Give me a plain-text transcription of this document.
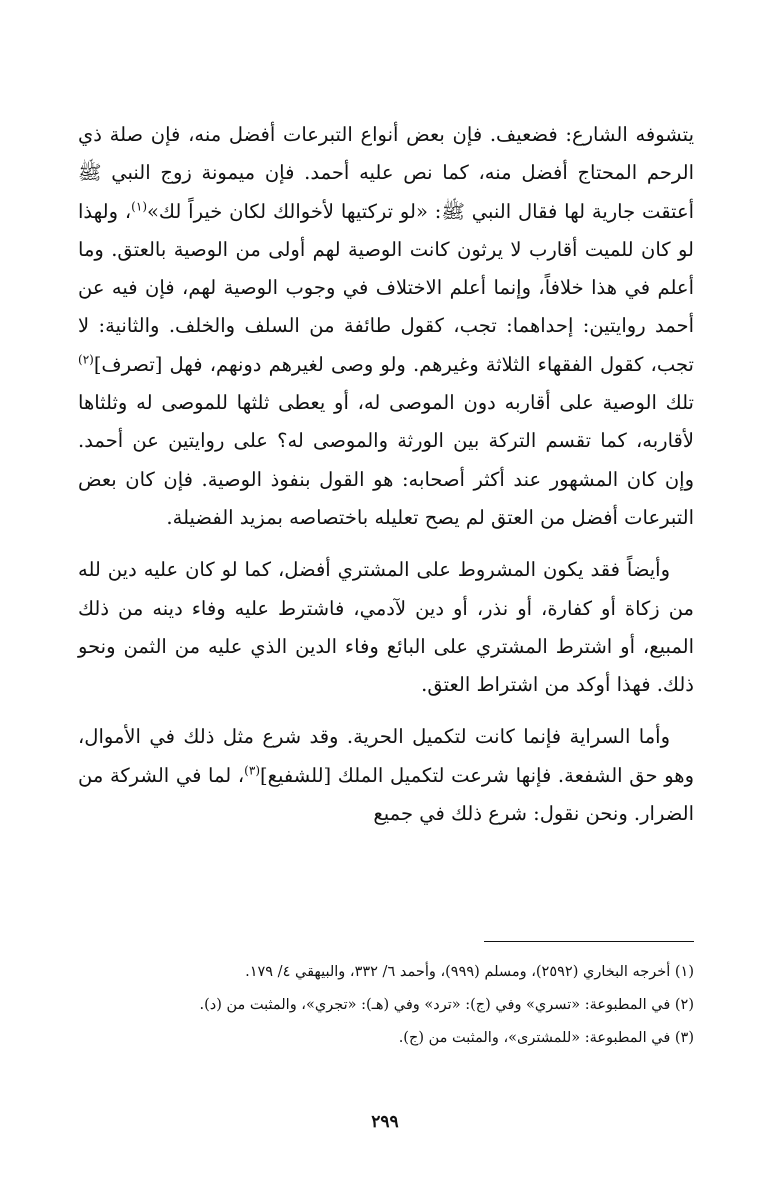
يتشوفه الشارع: فضعيف. فإن بعض أنواع التبرعات أفضل منه، فإن صلة ذي الرحم المحتاج أفضل منه، كما نص عليه أحمد. فإن ميمونة زوج النبي ﷺ أعتقت جارية لها فقال النبي ﷺ: «لو تركتيها لأخوالك لكان خيراً لك»$^{(١)}$، ولهذا لو كان للميت أقارب لا يرثون كانت الوصية لهم أولى من الوصية بالعتق. وما أعلم في هذا خلافاً، وإنما أعلم الاختلاف في وجوب الوصية لهم، فإن فيه عن أحمد روايتين: إحداهما: تجب، كقول طائفة من السلف والخلف. والثانية: لا تجب، كقول الفقهاء الثلاثة وغيرهم. ولو وصى لغيرهم دونهم، فهل [تصرف]$^{(٢)}$ تلك الوصية على أقاربه دون الموصى له، أو يعطى ثلثها للموصى له وثلثاها لأقاربه، كما تقسم التركة بين الورثة والموصى له؟ على روايتين عن أحمد. وإن كان المشهور عند أكثر أصحابه: هو القول بنفوذ الوصية. فإن كان بعض التبرعات أفضل من العتق لم يصح تعليله باختصاصه بمزيد الفضيلة.

وأيضاً فقد يكون المشروط على المشتري أفضل، كما لو كان عليه دين لله من زكاة أو كفارة، أو نذر، أو دين لآدمي، فاشترط عليه وفاء دينه من ذلك المبيع، أو اشترط المشتري على البائع وفاء الدين الذي عليه من الثمن ونحو ذلك. فهذا أوكد من اشتراط العتق.

وأما السراية فإنما كانت لتكميل الحرية. وقد شرع مثل ذلك في الأموال، وهو حق الشفعة. فإنها شرعت لتكميل الملك [للشفيع]$^{(٣)}$، لما في الشركة من الضرار. ونحن نقول: شرع ذلك في جميع

(١) أخرجه البخاري (٢٥٩٢)، ومسلم (٩٩٩)، وأحمد ٦/ ٣٣٢، والبيهقي ٤/ ١٧٩.

(٢) في المطبوعة: «تسري» وفي (ج): «ترد» وفي (هـ): «تجري»، والمثبت من (د).

(٣) في المطبوعة: «للمشترى»، والمثبت من (ج).

٢٩٩
